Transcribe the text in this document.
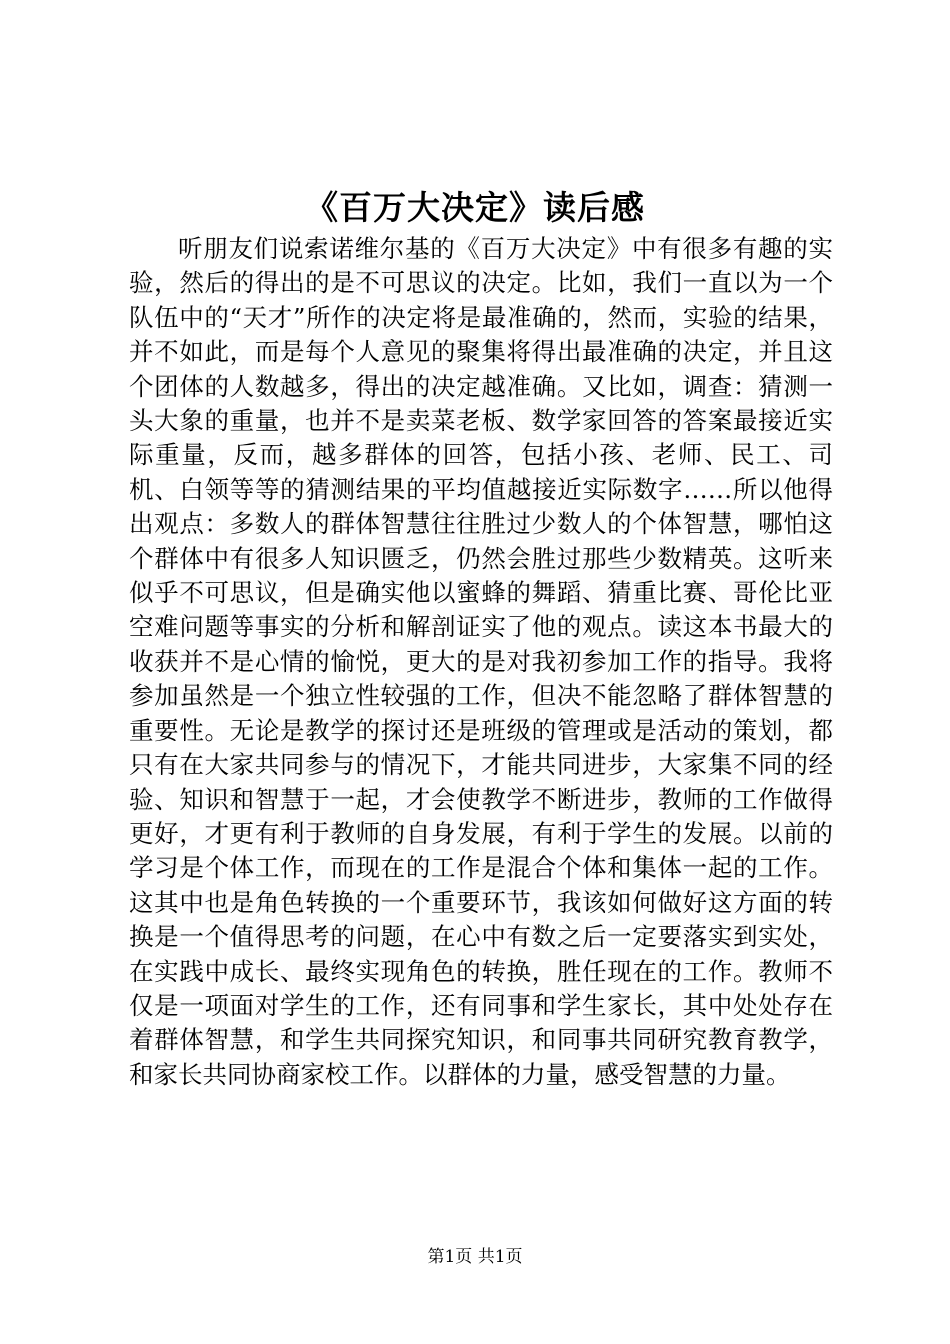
《百万大决定》读后感

听朋友们说索诺维尔基的《百万大决定》中有很多有趣的实验，然后的得出的是不可思议的决定。比如，我们一直以为一个队伍中的“天才”所作的决定将是最准确的，然而，实验的结果，并不如此，而是每个人意见的聚集将得出最准确的决定，并且这个团体的人数越多，得出的决定越准确。又比如，调查：猜测一头大象的重量，也并不是卖菜老板、数学家回答的答案最接近实际重量，反而，越多群体的回答，包括小孩、老师、民工、司机、白领等等的猜测结果的平均值越接近实际数字……所以他得出观点：多数人的群体智慧往往胜过少数人的个体智慧，哪怕这个群体中有很多人知识匮乏，仍然会胜过那些少数精英。这听来似乎不可思议，但是确实他以蜜蜂的舞蹈、猜重比赛、哥伦比亚空难问题等事实的分析和解剖证实了他的观点。读这本书最大的收获并不是心情的愉悦，更大的是对我初参加工作的指导。我将参加虽然是一个独立性较强的工作，但决不能忽略了群体智慧的重要性。无论是教学的探讨还是班级的管理或是活动的策划，都只有在大家共同参与的情况下，才能共同进步，大家集不同的经验、知识和智慧于一起，才会使教学不断进步，教师的工作做得更好，才更有利于教师的自身发展，有利于学生的发展。以前的学习是个体工作，而现在的工作是混合个体和集体一起的工作。这其中也是角色转换的一个重要环节，我该如何做好这方面的转换是一个值得思考的问题，在心中有数之后一定要落实到实处，在实践中成长、最终实现角色的转换，胜任现在的工作。教师不仅是一项面对学生的工作，还有同事和学生家长，其中处处存在着群体智慧，和学生共同探究知识，和同事共同研究教育教学，和家长共同协商家校工作。以群体的力量，感受智慧的力量。

第1页 共1页
